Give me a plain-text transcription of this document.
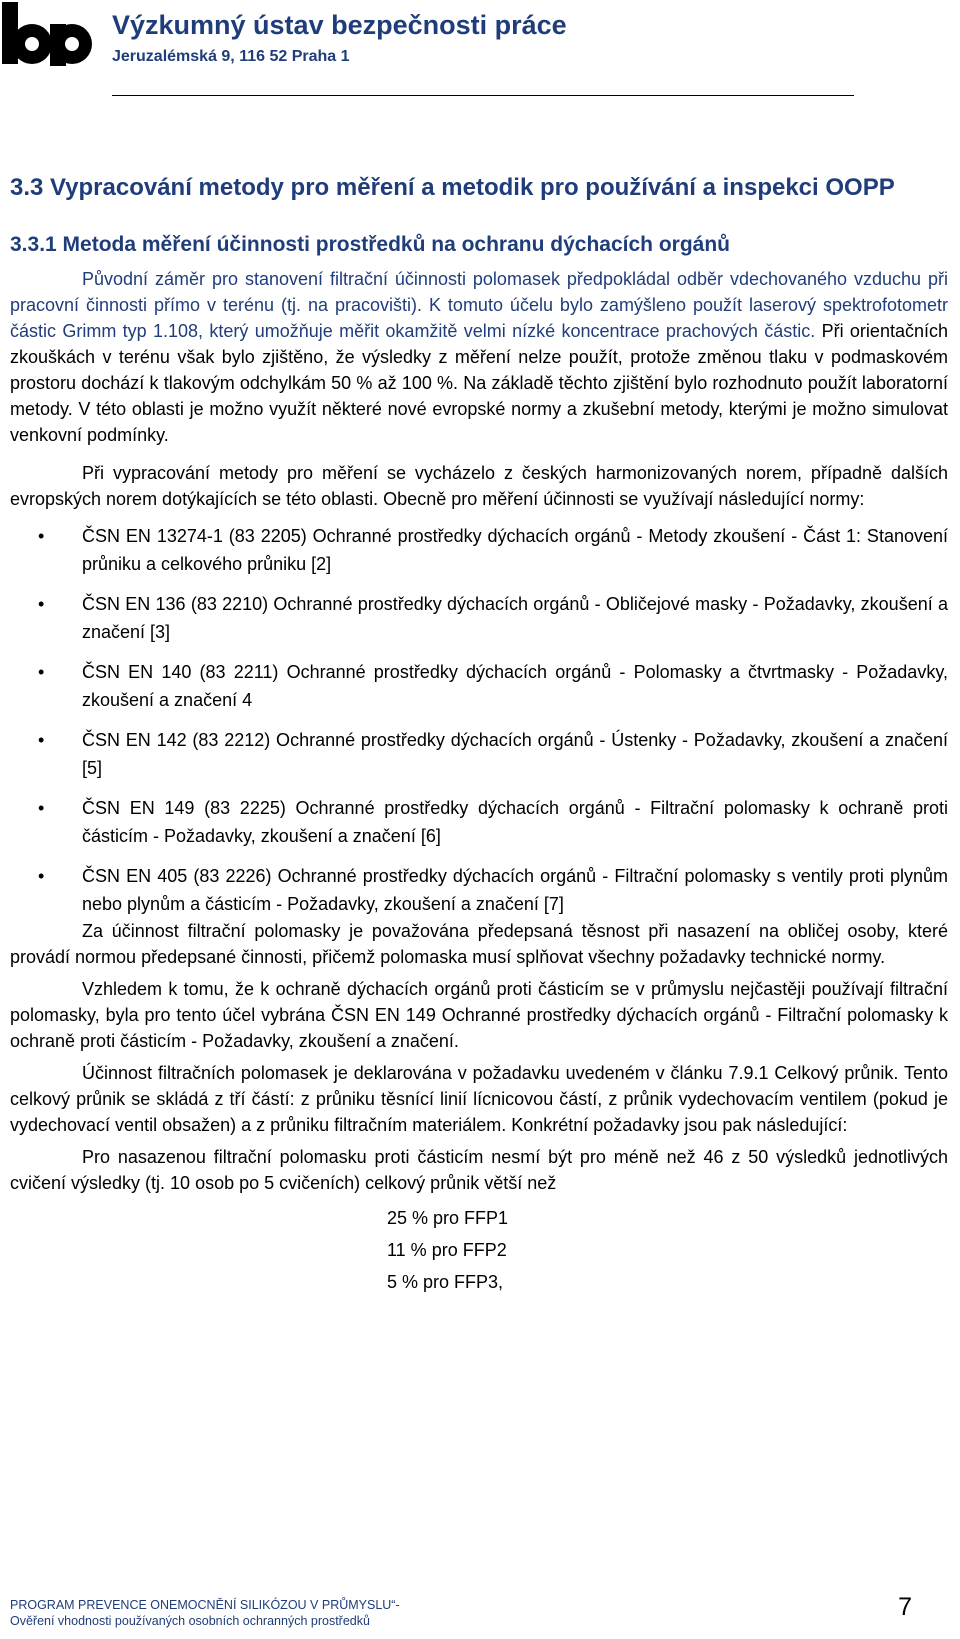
Výzkumný ústav bezpečnosti práce
Jeruzalémská 9, 116 52 Praha 1
3.3 Vypracování metody pro měření a metodik pro používání a inspekci OOPP
3.3.1 Metoda měření účinnosti prostředků na ochranu dýchacích orgánů

Původní záměr pro stanovení filtrační účinnosti polomasek předpokládal odběr vdechovaného vzduchu při pracovní činnosti přímo v terénu (tj. na pracovišti). K tomuto účelu bylo zamýšleno použít laserový spektrofotometr částic Grimm typ 1.108, který umožňuje měřit okamžitě velmi nízké koncentrace prachových částic. Při orientačních zkouškách v terénu však bylo zjištěno, že výsledky z měření nelze použít, protože změnou tlaku v podmaskovém prostoru dochází k tlakovým odchylkám 50 % až 100 %. Na základě těchto zjištění bylo rozhodnuto použít laboratorní metody. V této oblasti je možno využít některé nové evropské normy a zkušební metody, kterými je možno simulovat venkovní podmínky.

Při vypracování metody pro měření se vycházelo z českých harmonizovaných norem, případně dalších evropských norem dotýkajících se této oblasti. Obecně pro měření účinnosti se využívají následující normy:

• ČSN EN 13274-1 (83 2205) Ochranné prostředky dýchacích orgánů - Metody zkoušení - Část 1: Stanovení průniku a celkového průniku [2]
• ČSN EN 136 (83 2210) Ochranné prostředky dýchacích orgánů - Obličejové masky - Požadavky, zkoušení a značení [3]
• ČSN EN 140 (83 2211) Ochranné prostředky dýchacích orgánů - Polomasky a čtvrtmasky - Požadavky, zkoušení a značení 4
• ČSN EN 142 (83 2212) Ochranné prostředky dýchacích orgánů - Ústenky - Požadavky, zkoušení a značení [5]
• ČSN EN 149 (83 2225) Ochranné prostředky dýchacích orgánů - Filtrační polomasky k ochraně proti částicím - Požadavky, zkoušení a značení [6]
• ČSN EN 405 (83 2226) Ochranné prostředky dýchacích orgánů - Filtrační polomasky s ventily proti plynům nebo plynům a částicím - Požadavky, zkoušení a značení [7]

Za účinnost filtrační polomasky je považována předepsaná těsnost při nasazení na obličej osoby, které provádí normou předepsané činnosti, přičemž polomaska musí splňovat všechny požadavky technické normy.

Vzhledem k tomu, že k ochraně dýchacích orgánů proti částicím se v průmyslu nejčastěji používají filtrační polomasky, byla pro tento účel vybrána ČSN EN 149 Ochranné prostředky dýchacích orgánů - Filtrační polomasky k ochraně proti částicím - Požadavky, zkoušení a značení.

Účinnost filtračních polomasek je deklarována v požadavku uvedeném v článku 7.9.1 Celkový průnik. Tento celkový průnik se skládá z tří částí: z průniku těsnící linií lícnicovou částí, z průnik vydechovacím ventilem (pokud je vydechovací ventil obsažen) a z průniku filtračním materiálem. Konkrétní požadavky jsou pak následující:

Pro nasazenou filtrační polomasku proti částicím nesmí být pro méně než 46 z 50 výsledků jednotlivých cvičení výsledky (tj. 10 osob po 5 cvičeních) celkový průnik větší než

25 % pro FFP1
11 % pro FFP2
5 % pro FFP3,
PROGRAM PREVENCE ONEMOCNĚNÍ SILIKÓZOU V PRŮMYSLU“-
Ověření vhodnosti používaných osobních ochranných prostředků	7
